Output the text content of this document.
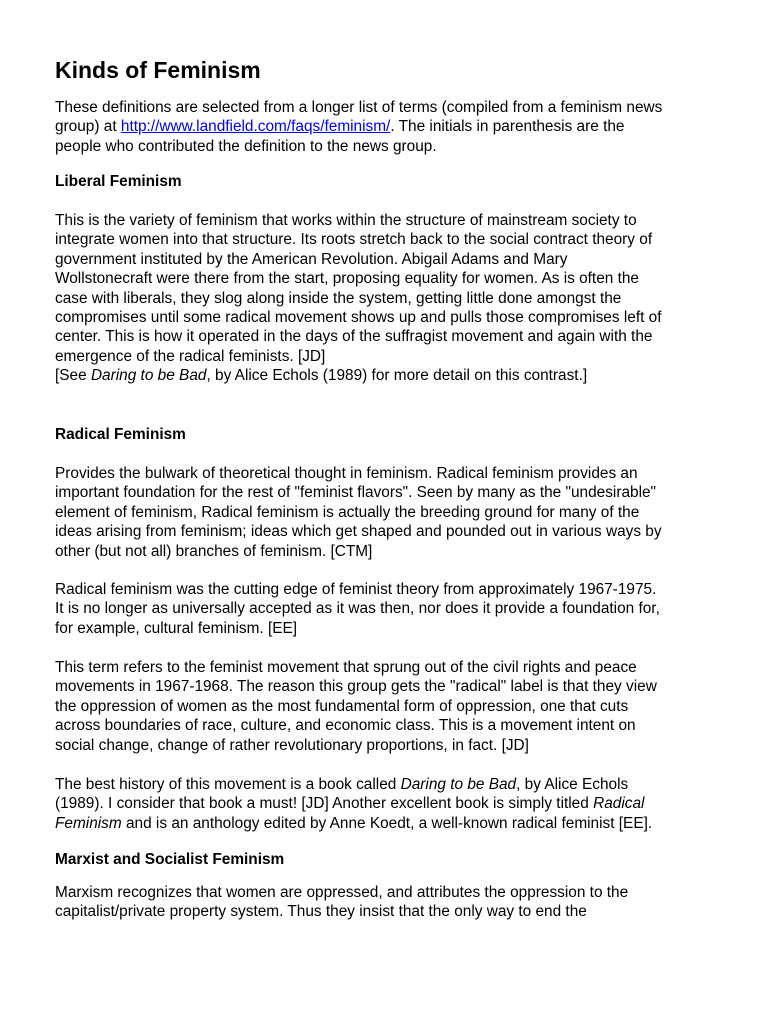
Kinds of Feminism

These definitions are selected from a longer list of terms (compiled from a feminism news
group) at http://www.landfield.com/faqs/feminism/. The initials in parenthesis are the
people who contributed the definition to the news group.

Liberal Feminism

This is the variety of feminism that works within the structure of mainstream society to
integrate women into that structure. Its roots stretch back to the social contract theory of
government instituted by the American Revolution. Abigail Adams and Mary
Wollstonecraft were there from the start, proposing equality for women. As is often the
case with liberals, they slog along inside the system, getting little done amongst the
compromises until some radical movement shows up and pulls those compromises left of
center. This is how it operated in the days of the suffragist movement and again with the
emergence of the radical feminists. [JD]
[See Daring to be Bad, by Alice Echols (1989) for more detail on this contrast.]

Radical Feminism

Provides the bulwark of theoretical thought in feminism. Radical feminism provides an
important foundation for the rest of "feminist flavors". Seen by many as the "undesirable"
element of feminism, Radical feminism is actually the breeding ground for many of the
ideas arising from feminism; ideas which get shaped and pounded out in various ways by
other (but not all) branches of feminism. [CTM]

Radical feminism was the cutting edge of feminist theory from approximately 1967-1975.
It is no longer as universally accepted as it was then, nor does it provide a foundation for,
for example, cultural feminism. [EE]

This term refers to the feminist movement that sprung out of the civil rights and peace
movements in 1967-1968. The reason this group gets the "radical" label is that they view
the oppression of women as the most fundamental form of oppression, one that cuts
across boundaries of race, culture, and economic class. This is a movement intent on
social change, change of rather revolutionary proportions, in fact. [JD]

The best history of this movement is a book called Daring to be Bad, by Alice Echols
(1989). I consider that book a must! [JD] Another excellent book is simply titled Radical
Feminism and is an anthology edited by Anne Koedt, a well-known radical feminist [EE].

Marxist and Socialist Feminism

Marxism recognizes that women are oppressed, and attributes the oppression to the
capitalist/private property system. Thus they insist that the only way to end the
